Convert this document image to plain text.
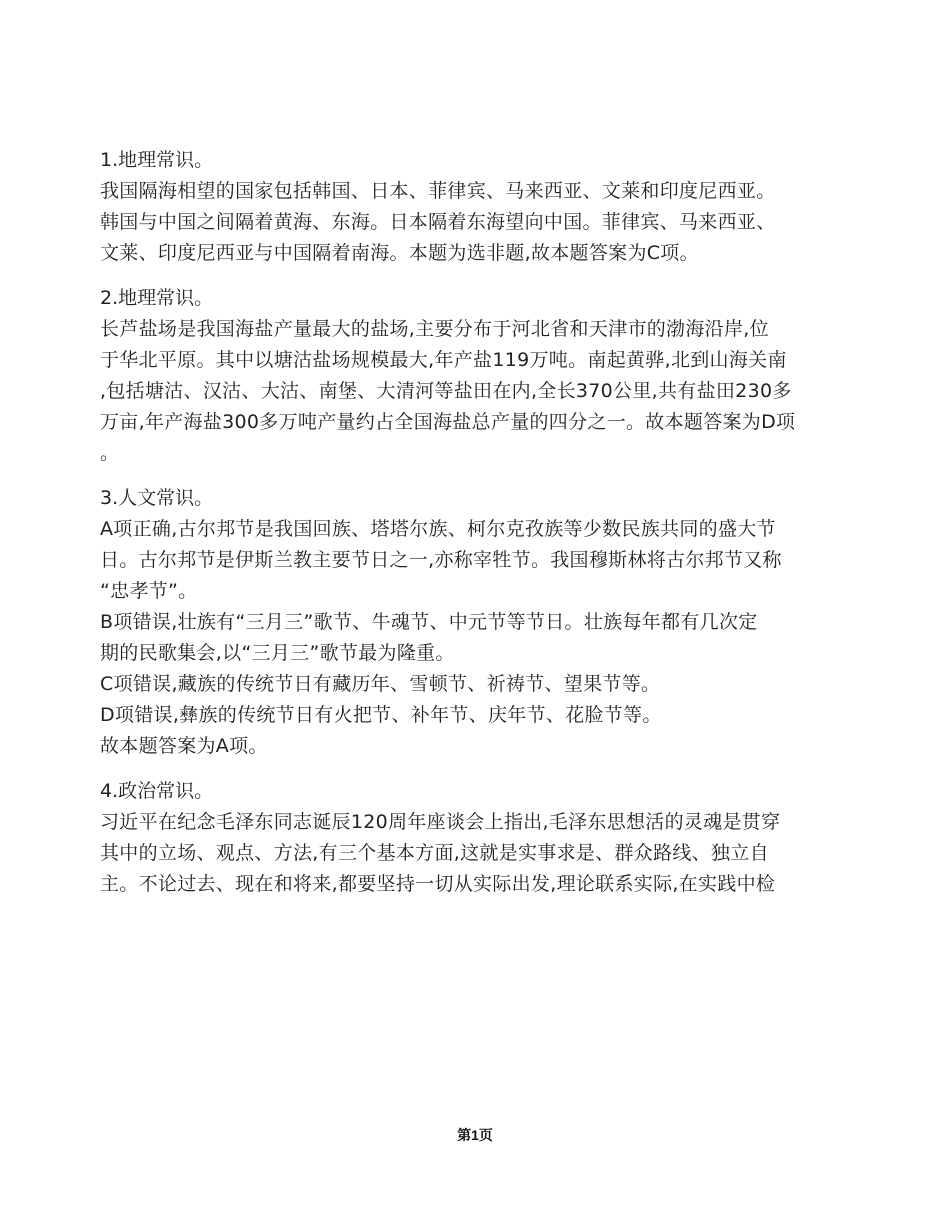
1.地理常识。
我国隔海相望的国家包括韩国、日本、菲律宾、马来西亚、文莱和印度尼西亚。
韩国与中国之间隔着黄海、东海。日本隔着东海望向中国。菲律宾、马来西亚、
文莱、印度尼西亚与中国隔着南海。本题为选非题,故本题答案为C项。
2.地理常识。
长芦盐场是我国海盐产量最大的盐场,主要分布于河北省和天津市的渤海沿岸,位
于华北平原。其中以塘沽盐场规模最大,年产盐119万吨。南起黄骅,北到山海关南
,包括塘沽、汉沽、大沽、南堡、大清河等盐田在内,全长370公里,共有盐田230多
万亩,年产海盐300多万吨产量约占全国海盐总产量的四分之一。故本题答案为D项
。
3.人文常识。
A项正确,古尔邦节是我国回族、塔塔尔族、柯尔克孜族等少数民族共同的盛大节
日。古尔邦节是伊斯兰教主要节日之一,亦称宰牲节。我国穆斯林将古尔邦节又称
“忠孝节”。
B项错误,壮族有“三月三”歌节、牛魂节、中元节等节日。壮族每年都有几次定
期的民歌集会,以“三月三”歌节最为隆重。
C项错误,藏族的传统节日有藏历年、雪顿节、祈祷节、望果节等。
D项错误,彝族的传统节日有火把节、补年节、庆年节、花脸节等。
故本题答案为A项。
4.政治常识。
习近平在纪念毛泽东同志诞辰120周年座谈会上指出,毛泽东思想活的灵魂是贯穿
其中的立场、观点、方法,有三个基本方面,这就是实事求是、群众路线、独立自
主。不论过去、现在和将来,都要坚持一切从实际出发,理论联系实际,在实践中检
第1页
